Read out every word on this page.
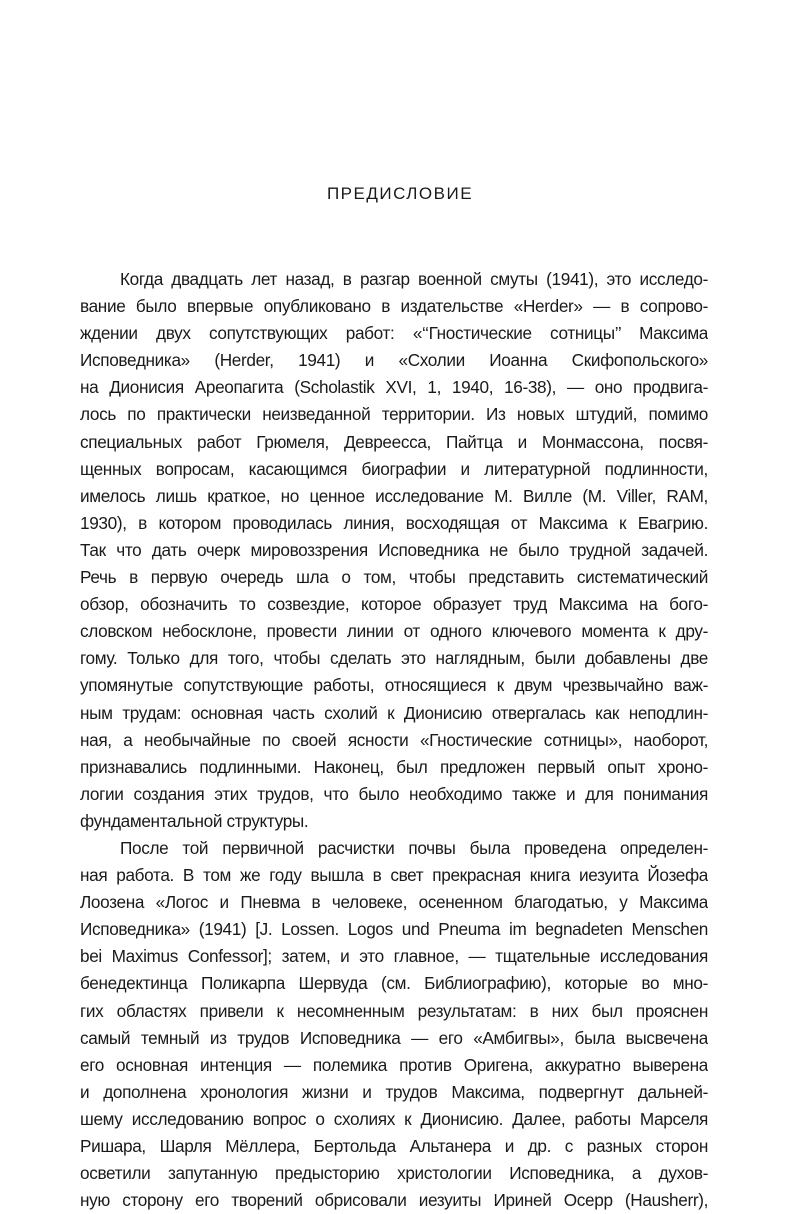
ПРЕДИСЛОВИЕ

Когда двадцать лет назад, в разгар военной смуты (1941), это исследо-
вание было впервые опубликовано в издательстве «Herder» — в сопрово-
ждении двух сопутствующих работ: «‘‘Гностические сотницы’’ Максима
Исповедника» (Herder, 1941) и «Схолии Иоанна Скифопольского»
на Дионисия Ареопагита (Scholastik XVI, 1, 1940, 16-38), — оно продвига-
лось по практически неизведанной территории. Из новых штудий, помимо
специальных работ Грюмеля, Девреесса, Пайтца и Монмассона, посвя-
щенных вопросам, касающимся биографии и литературной подлинности,
имелось лишь краткое, но ценное исследование М. Вилле (M. Viller, RAM,
1930), в котором проводилась линия, восходящая от Максима к Евагрию.
Так что дать очерк мировоззрения Исповедника не было трудной задачей.
Речь в первую очередь шла о том, чтобы представить систематический
обзор, обозначить то созвездие, которое образует труд Максима на бого-
словском небосклоне, провести линии от одного ключевого момента к дру-
гому. Только для того, чтобы сделать это наглядным, были добавлены две
упомянутые сопутствующие работы, относящиеся к двум чрезвычайно важ-
ным трудам: основная часть схолий к Дионисию отвергалась как неподлин-
ная, а необычайные по своей ясности «Гностические сотницы», наоборот,
признавались подлинными. Наконец, был предложен первый опыт хроно-
логии создания этих трудов, что было необходимо также и для понимания
фундаментальной структуры.

После той первичной расчистки почвы была проведена определен-
ная работа. В том же году вышла в свет прекрасная книга иезуита Йозефа
Лоозена «Логос и Пневма в человеке, осененном благодатью, у Максима
Исповедника» (1941) [J. Lossen. Logos und Pneuma im begnadeten Menschen
bei Maximus Confessor]; затем, и это главное, — тщательные исследования
бенедектинца Поликарпа Шервуда (см. Библиографию), которые во мно-
гих областях привели к несомненным результатам: в них был прояснен
самый темный из трудов Исповедника — его «Амбигвы», была высвечена
его основная интенция — полемика против Оригена, аккуратно выверена
и дополнена хронология жизни и трудов Максима, подвергнут дальней-
шему исследованию вопрос о схолиях к Дионисию. Далее, работы Марселя
Ришара, Шарля Мёллера, Бертольда Альтанера и др. с разных сторон
осветили запутанную предысторию христологии Исповедника, а духов-
ную сторону его творений обрисовали иезуиты Ириней Осерр (Hausherr),
